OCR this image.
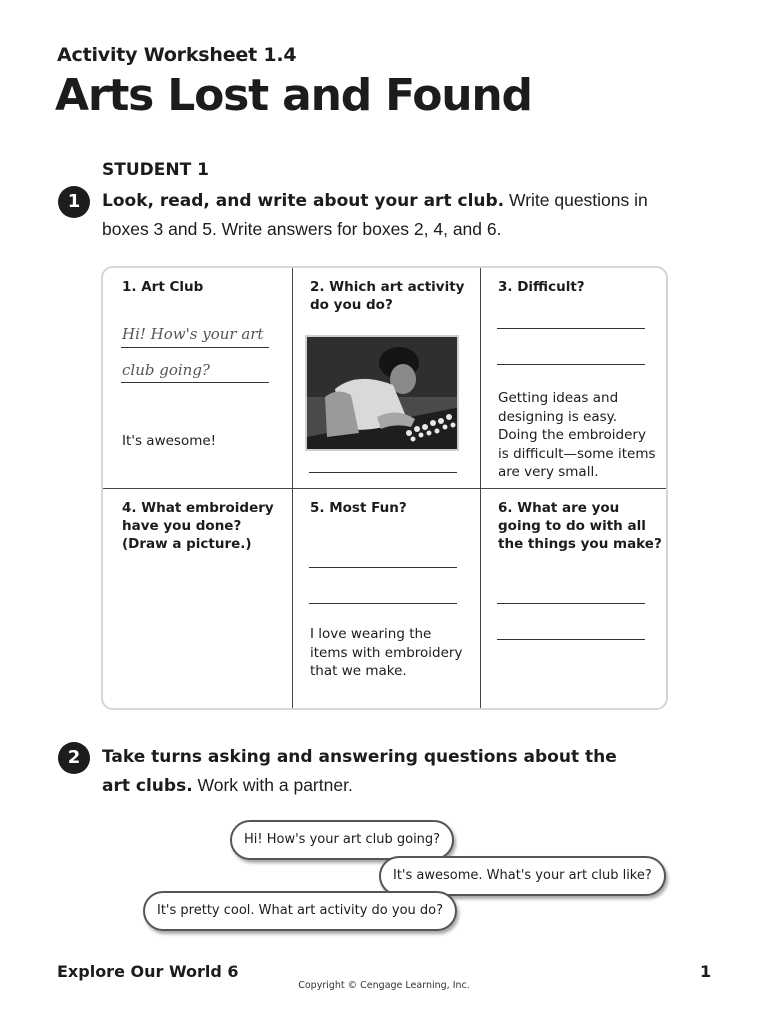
Activity Worksheet 1.4
Arts Lost and Found
STUDENT 1
1	Look, read, and write about your art club. Write questions in boxes 3 and 5. Write answers for boxes 2, 4, and 6.
1. Art Club
Hi! How's your art
club going?
It's awesome!
2. Which art activity do you do?
3. Difficult?
Getting ideas and designing is easy. Doing the embroidery is difficult—some items are very small.
4. What embroidery have you done? (Draw a picture.)
5. Most Fun?
I love wearing the items with embroidery that we make.
6. What are you going to do with all the things you make?
2	Take turns asking and answering questions about the art clubs. Work with a partner.
Hi! How's your art club going?
It's awesome. What's your art club like?
It's pretty cool. What art activity do you do?
Explore Our World 6	1
Copyright © Cengage Learning, Inc.
